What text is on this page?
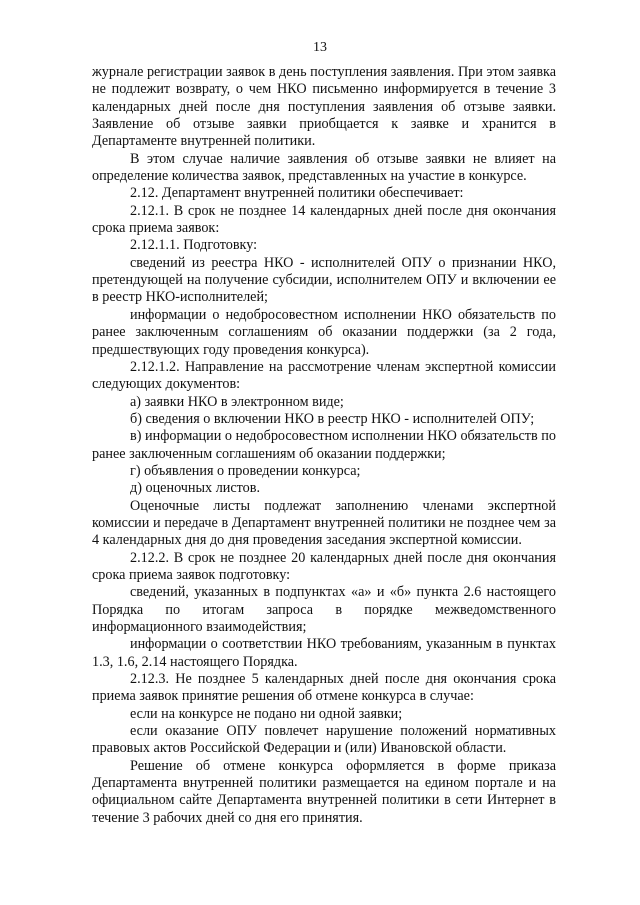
13

журнале регистрации заявок в день поступления заявления. При этом заявка не подлежит возврату, о чем НКО письменно информируется в течение 3 календарных дней после дня поступления заявления об отзыве заявки. Заявление об отзыве заявки приобщается к заявке и хранится в Департаменте внутренней политики.

В этом случае наличие заявления об отзыве заявки не влияет на определение количества заявок, представленных на участие в конкурсе.

2.12. Департамент внутренней политики обеспечивает:

2.12.1. В срок не позднее 14 календарных дней после дня окончания срока приема заявок:

2.12.1.1. Подготовку:

сведений из реестра НКО - исполнителей ОПУ о признании НКО, претендующей на получение субсидии, исполнителем ОПУ и включении ее в реестр НКО-исполнителей;

информации о недобросовестном исполнении НКО обязательств по ранее заключенным соглашениям об оказании поддержки (за 2 года, предшествующих году проведения конкурса).

2.12.1.2. Направление на рассмотрение членам экспертной комиссии следующих документов:

а) заявки НКО в электронном виде;

б) сведения о включении НКО в реестр НКО - исполнителей ОПУ;

в) информации о недобросовестном исполнении НКО обязательств по ранее заключенным соглашениям об оказании поддержки;

г) объявления о проведении конкурса;

д) оценочных листов.

Оценочные листы подлежат заполнению членами экспертной комиссии и передаче в Департамент внутренней политики не позднее чем за 4 календарных дня до дня проведения заседания экспертной комиссии.

2.12.2. В срок не позднее 20 календарных дней после дня окончания срока приема заявок подготовку:

сведений, указанных в подпунктах «а» и «б» пункта 2.6 настоящего Порядка по итогам запроса в порядке межведомственного информационного взаимодействия;

информации о соответствии НКО требованиям, указанным в пунктах 1.3, 1.6, 2.14 настоящего Порядка.

2.12.3. Не позднее 5 календарных дней после дня окончания срока приема заявок принятие решения об отмене конкурса в случае:

если на конкурсе не подано ни одной заявки;

если оказание ОПУ повлечет нарушение положений нормативных правовых актов Российской Федерации и (или) Ивановской области.

Решение об отмене конкурса оформляется в форме приказа Департамента внутренней политики размещается на едином портале и на официальном сайте Департамента внутренней политики в сети Интернет в течение 3 рабочих дней со дня его принятия.
